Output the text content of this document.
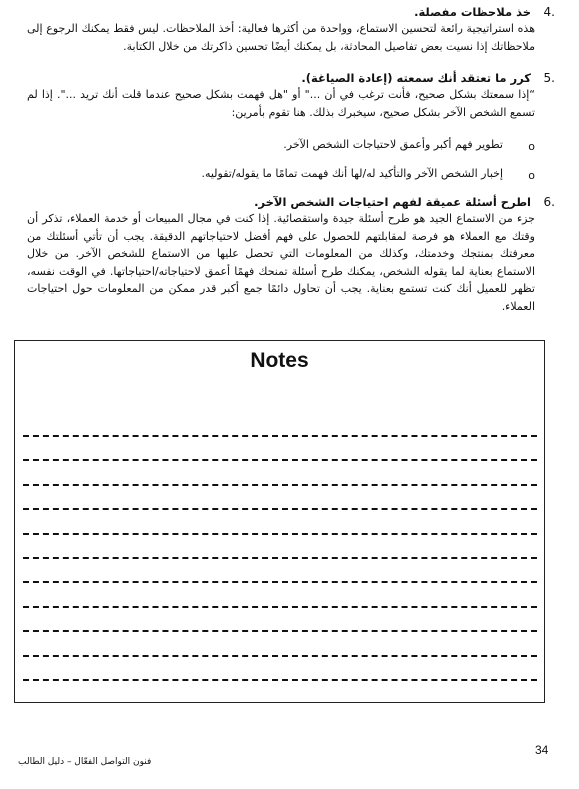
4.
خذ ملاحظات مفصلة.
هذه استراتيجية رائعة لتحسين الاستماع، وواحدة من أكثرها فعالية: أخذ الملاحظات. ليس فقط يمكنك الرجوع إلى ملاحظاتك إذا نسيت بعض تفاصيل المحادثة، بل يمكنك أيضًا تحسين ذاكرتك من خلال الكتابة.
5.
كرر ما تعتقد أنك سمعته (إعادة الصياغة).
“إذا سمعتك بشكل صحيح، فأنت ترغب في أن ..." أو "هل فهمت بشكل صحيح عندما قلت أنك تريد ...". إذا لم تسمع الشخص الآخر بشكل صحيح، سيخبرك بذلك. هنا تقوم بأمرين:
o
تطوير فهم أكبر وأعمق لاحتياجات الشخص الآخر.
o
إخبار الشخص الآخر والتأكيد له/لها أنك فهمت تمامًا ما يقوله/تقوليه.
6.
اطرح أسئلة عميقة لفهم احتياجات الشخص الآخر.
جزء من الاستماع الجيد هو طرح أسئلة جيدة واستقصائية. إذا كنت في مجال المبيعات أو خدمة العملاء، تذكر أن وقتك مع العملاء هو فرصة لمقابلتهم للحصول على فهم أفضل لاحتياجاتهم الدقيقة. يجب أن تأتي أسئلتك من معرفتك بمنتجك وخدمتك، وكذلك من المعلومات التي تحصل عليها من الاستماع للشخص الآخر. من خلال الاستماع بعناية لما يقوله الشخص، يمكنك طرح أسئلة تمنحك فهمًا أعمق لاحتياجاته/احتياجاتها. في الوقت نفسه، تظهر للعميل أنك كنت تستمع بعناية. يجب أن تحاول دائمًا جمع أكبر قدر ممكن من المعلومات حول احتياجات العملاء.
Notes
34
فنون التواصل الفعّال – دليل الطالب
